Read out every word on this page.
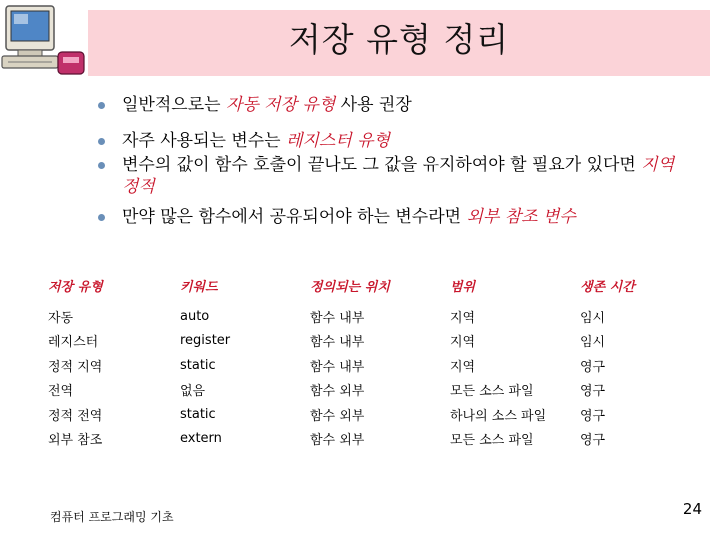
저장 유형 정리
일반적으로는 자동 저장 유형 사용 권장
자주 사용되는 변수는 레지스터 유형
변수의 값이 함수 호출이 끝나도 그 값을 유지하여야 할 필요가 있다면 지역 정적
만약 많은 함수에서 공유되어야 하는 변수라면 외부 참조 변수
저장 유형	키워드	정의되는 위치	범위	생존 시간
자동	auto	함수 내부	지역	임시
레지스터	register	함수 내부	지역	임시
정적 지역	static	함수 내부	지역	영구
전역	없음	함수 외부	모든 소스 파일	영구
정적 전역	static	함수 외부	하나의 소스 파일	영구
외부 참조	extern	함수 외부	모든 소스 파일	영구
컴퓨터 프로그래밍 기초	24
